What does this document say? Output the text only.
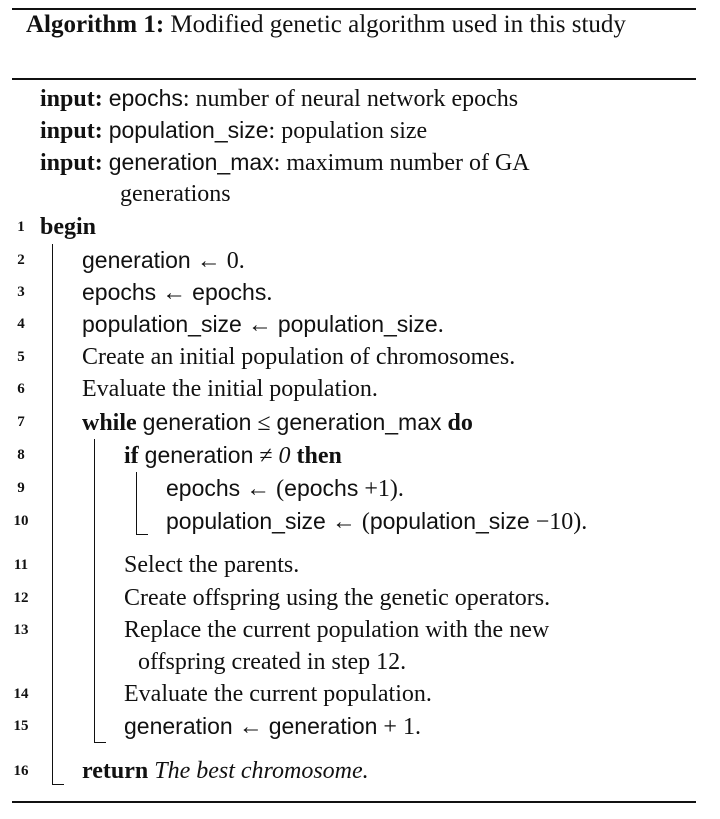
Algorithm 1: Modified genetic algorithm used in this study
input: epochs: number of neural network epochs
input: population_size: population size
input: generation_max: maximum number of GA
generations
1 begin
2	generation ← 0.
3	epochs ← epochs.
4	population_size ← population_size.
5	Create an initial population of chromosomes.
6	Evaluate the initial population.
7	while generation ≤ generation_max do
8	if generation ≠ 0 then
9	epochs ← (epochs +1).
10	population_size ← (population_size −10).
11	Select the parents.
12	Create offspring using the genetic operators.
13	Replace the current population with the new
offspring created in step 12.
14	Evaluate the current population.
15	generation ← generation + 1.
16	return The best chromosome.
